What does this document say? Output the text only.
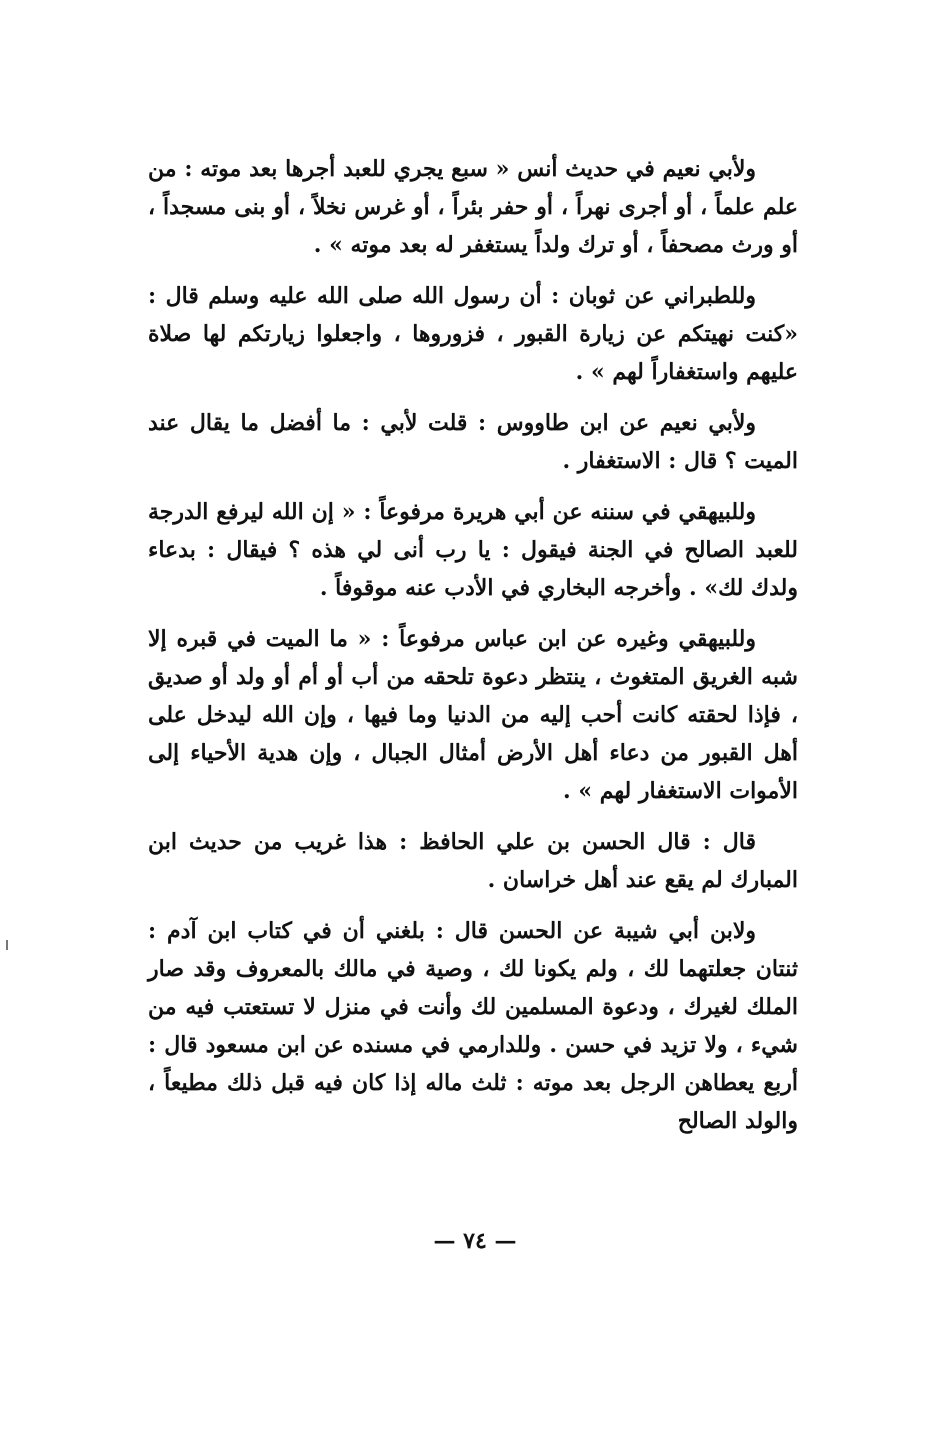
ولأبي نعيم في حديث أنس « سبع يجري للعبد أجرها بعد موته : من علم علماً ، أو أجرى نهراً ، أو حفر بئراً ، أو غرس نخلاً ، أو بنى مسجداً ، أو ورث مصحفاً ، أو ترك ولداً يستغفر له بعد موته » .

وللطبراني عن ثوبان : أن رسول الله صلى الله عليه وسلم قال : «كنت نهيتكم عن زيارة القبور ، فزوروها ، واجعلوا زيارتكم لها صلاة عليهم واستغفاراً لهم » .

ولأبي نعيم عن ابن طاووس : قلت لأبي : ما أفضل ما يقال عند الميت ؟ قال : الاستغفار .

وللبيهقي في سننه عن أبي هريرة مرفوعاً : « إن الله ليرفع الدرجة للعبد الصالح في الجنة فيقول : يا رب أنى لي هذه ؟ فيقال : بدعاء ولدك لك» . وأخرجه البخاري في الأدب عنه موقوفاً .

وللبيهقي وغيره عن ابن عباس مرفوعاً : « ما الميت في قبره إلا شبه الغريق المتغوث ، ينتظر دعوة تلحقه من أب أو أم أو ولد أو صديق ، فإذا لحقته كانت أحب إليه من الدنيا وما فيها ، وإن الله ليدخل على أهل القبور من دعاء أهل الأرض أمثال الجبال ، وإن هدية الأحياء إلى الأموات الاستغفار لهم » .

قال : قال الحسن بن علي الحافظ : هذا غريب من حديث ابن المبارك لم يقع عند أهل خراسان .

ولابن أبي شيبة عن الحسن قال : بلغني أن في كتاب ابن آدم : ثنتان جعلتهما لك ، ولم يكونا لك ، وصية في مالك بالمعروف وقد صار الملك لغيرك ، ودعوة المسلمين لك وأنت في منزل لا تستعتب فيه من شيء ، ولا تزيد في حسن . وللدارمي في مسنده عن ابن مسعود قال : أربع يعطاهن الرجل بعد موته : ثلث ماله إذا كان فيه قبل ذلك مطيعاً ، والولد الصالح

— ٧٤ —
